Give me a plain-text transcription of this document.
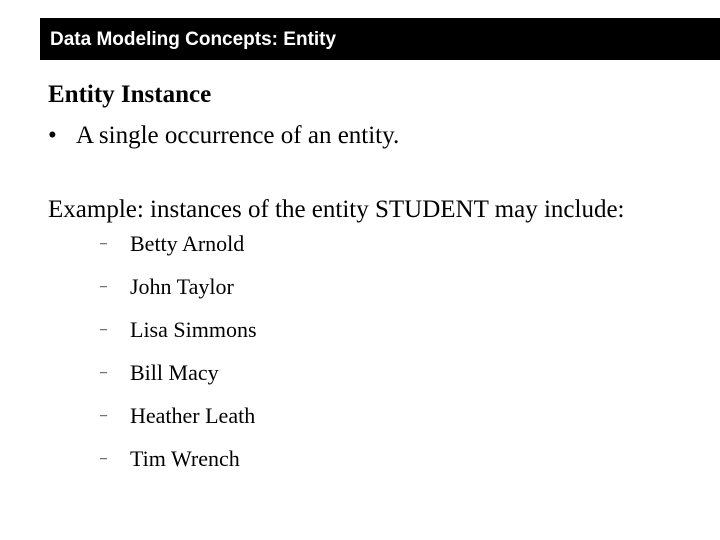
Data Modeling Concepts: Entity
Entity Instance
• A single occurrence of an entity.
Example: instances of the entity STUDENT may include:
– Betty Arnold
– John Taylor
– Lisa Simmons
– Bill Macy
– Heather Leath
– Tim Wrench
